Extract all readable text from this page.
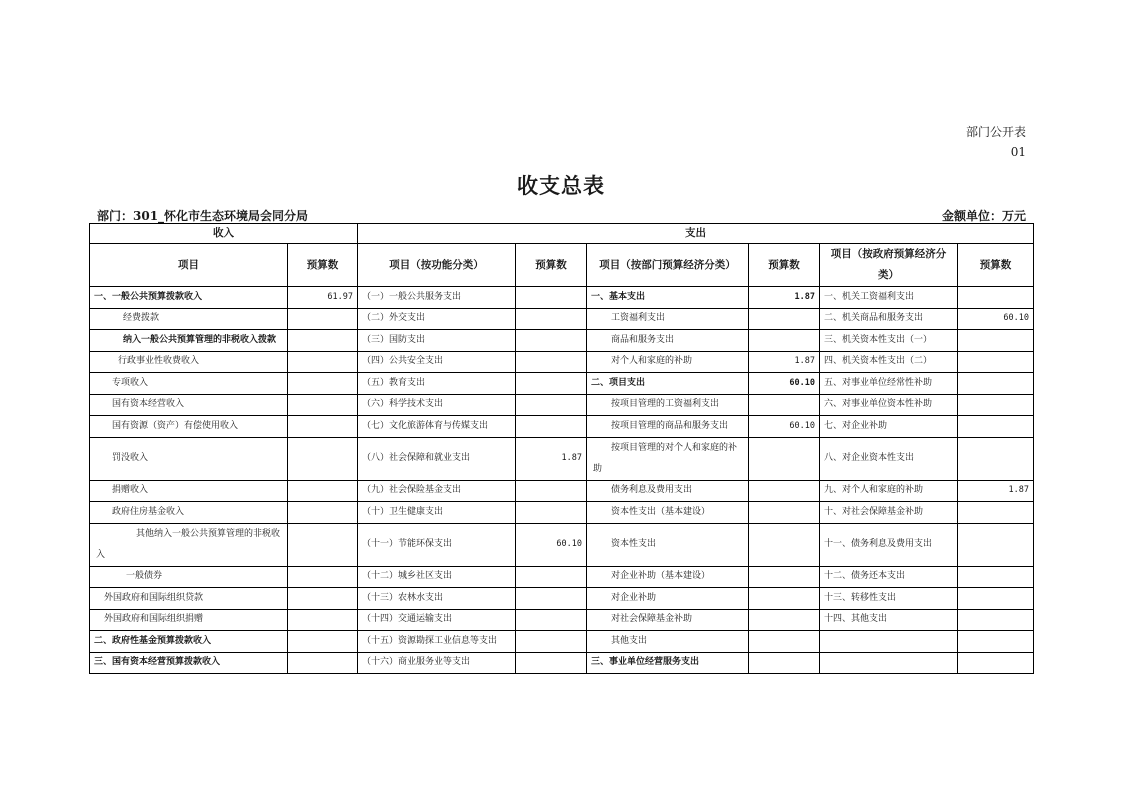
部门公开表
01
收支总表
部门：301_怀化市生态环境局会同分局	金额单位：万元
收入		支出					
项目	预算数	项目（按功能分类）	预算数	项目（按部门预算经济分类）	预算数	项目（按政府预算经济分类）	预算数
一、一般公共预算拨款收入	61.97	（一）一般公共服务支出		一、基本支出	1.87	一、机关工资福利支出	
经费拨款		（二）外交支出		工资福利支出		二、机关商品和服务支出	60.10
纳入一般公共预算管理的非税收入拨款		（三）国防支出		商品和服务支出		三、机关资本性支出（一）	
行政事业性收费收入		（四）公共安全支出		对个人和家庭的补助	1.87	四、机关资本性支出（二）	
专项收入		（五）教育支出		二、项目支出	60.10	五、对事业单位经常性补助	
国有资本经营收入		（六）科学技术支出		按项目管理的工资福利支出		六、对事业单位资本性补助	
国有资源（资产）有偿使用收入		（七）文化旅游体育与传媒支出		按项目管理的商品和服务支出	60.10	七、对企业补助	
罚没收入		（八）社会保障和就业支出	1.87	按项目管理的对个人和家庭的补助		八、对企业资本性支出	
捐赠收入		（九）社会保险基金支出		债务利息及费用支出		九、对个人和家庭的补助	1.87
政府住房基金收入		（十）卫生健康支出		资本性支出（基本建设）		十、对社会保障基金补助	
其他纳入一般公共预算管理的非税收入		（十一）节能环保支出	60.10	资本性支出		十一、债务利息及费用支出	
一般债券		（十二）城乡社区支出		对企业补助（基本建设）		十二、债务还本支出	
外国政府和国际组织贷款		（十三）农林水支出		对企业补助		十三、转移性支出	
外国政府和国际组织捐赠		（十四）交通运输支出		对社会保障基金补助		十四、其他支出	
二、政府性基金预算拨款收入		（十五）资源勘探工业信息等支出		其他支出			
三、国有资本经营预算拨款收入		（十六）商业服务业等支出		三、事业单位经营服务支出			
